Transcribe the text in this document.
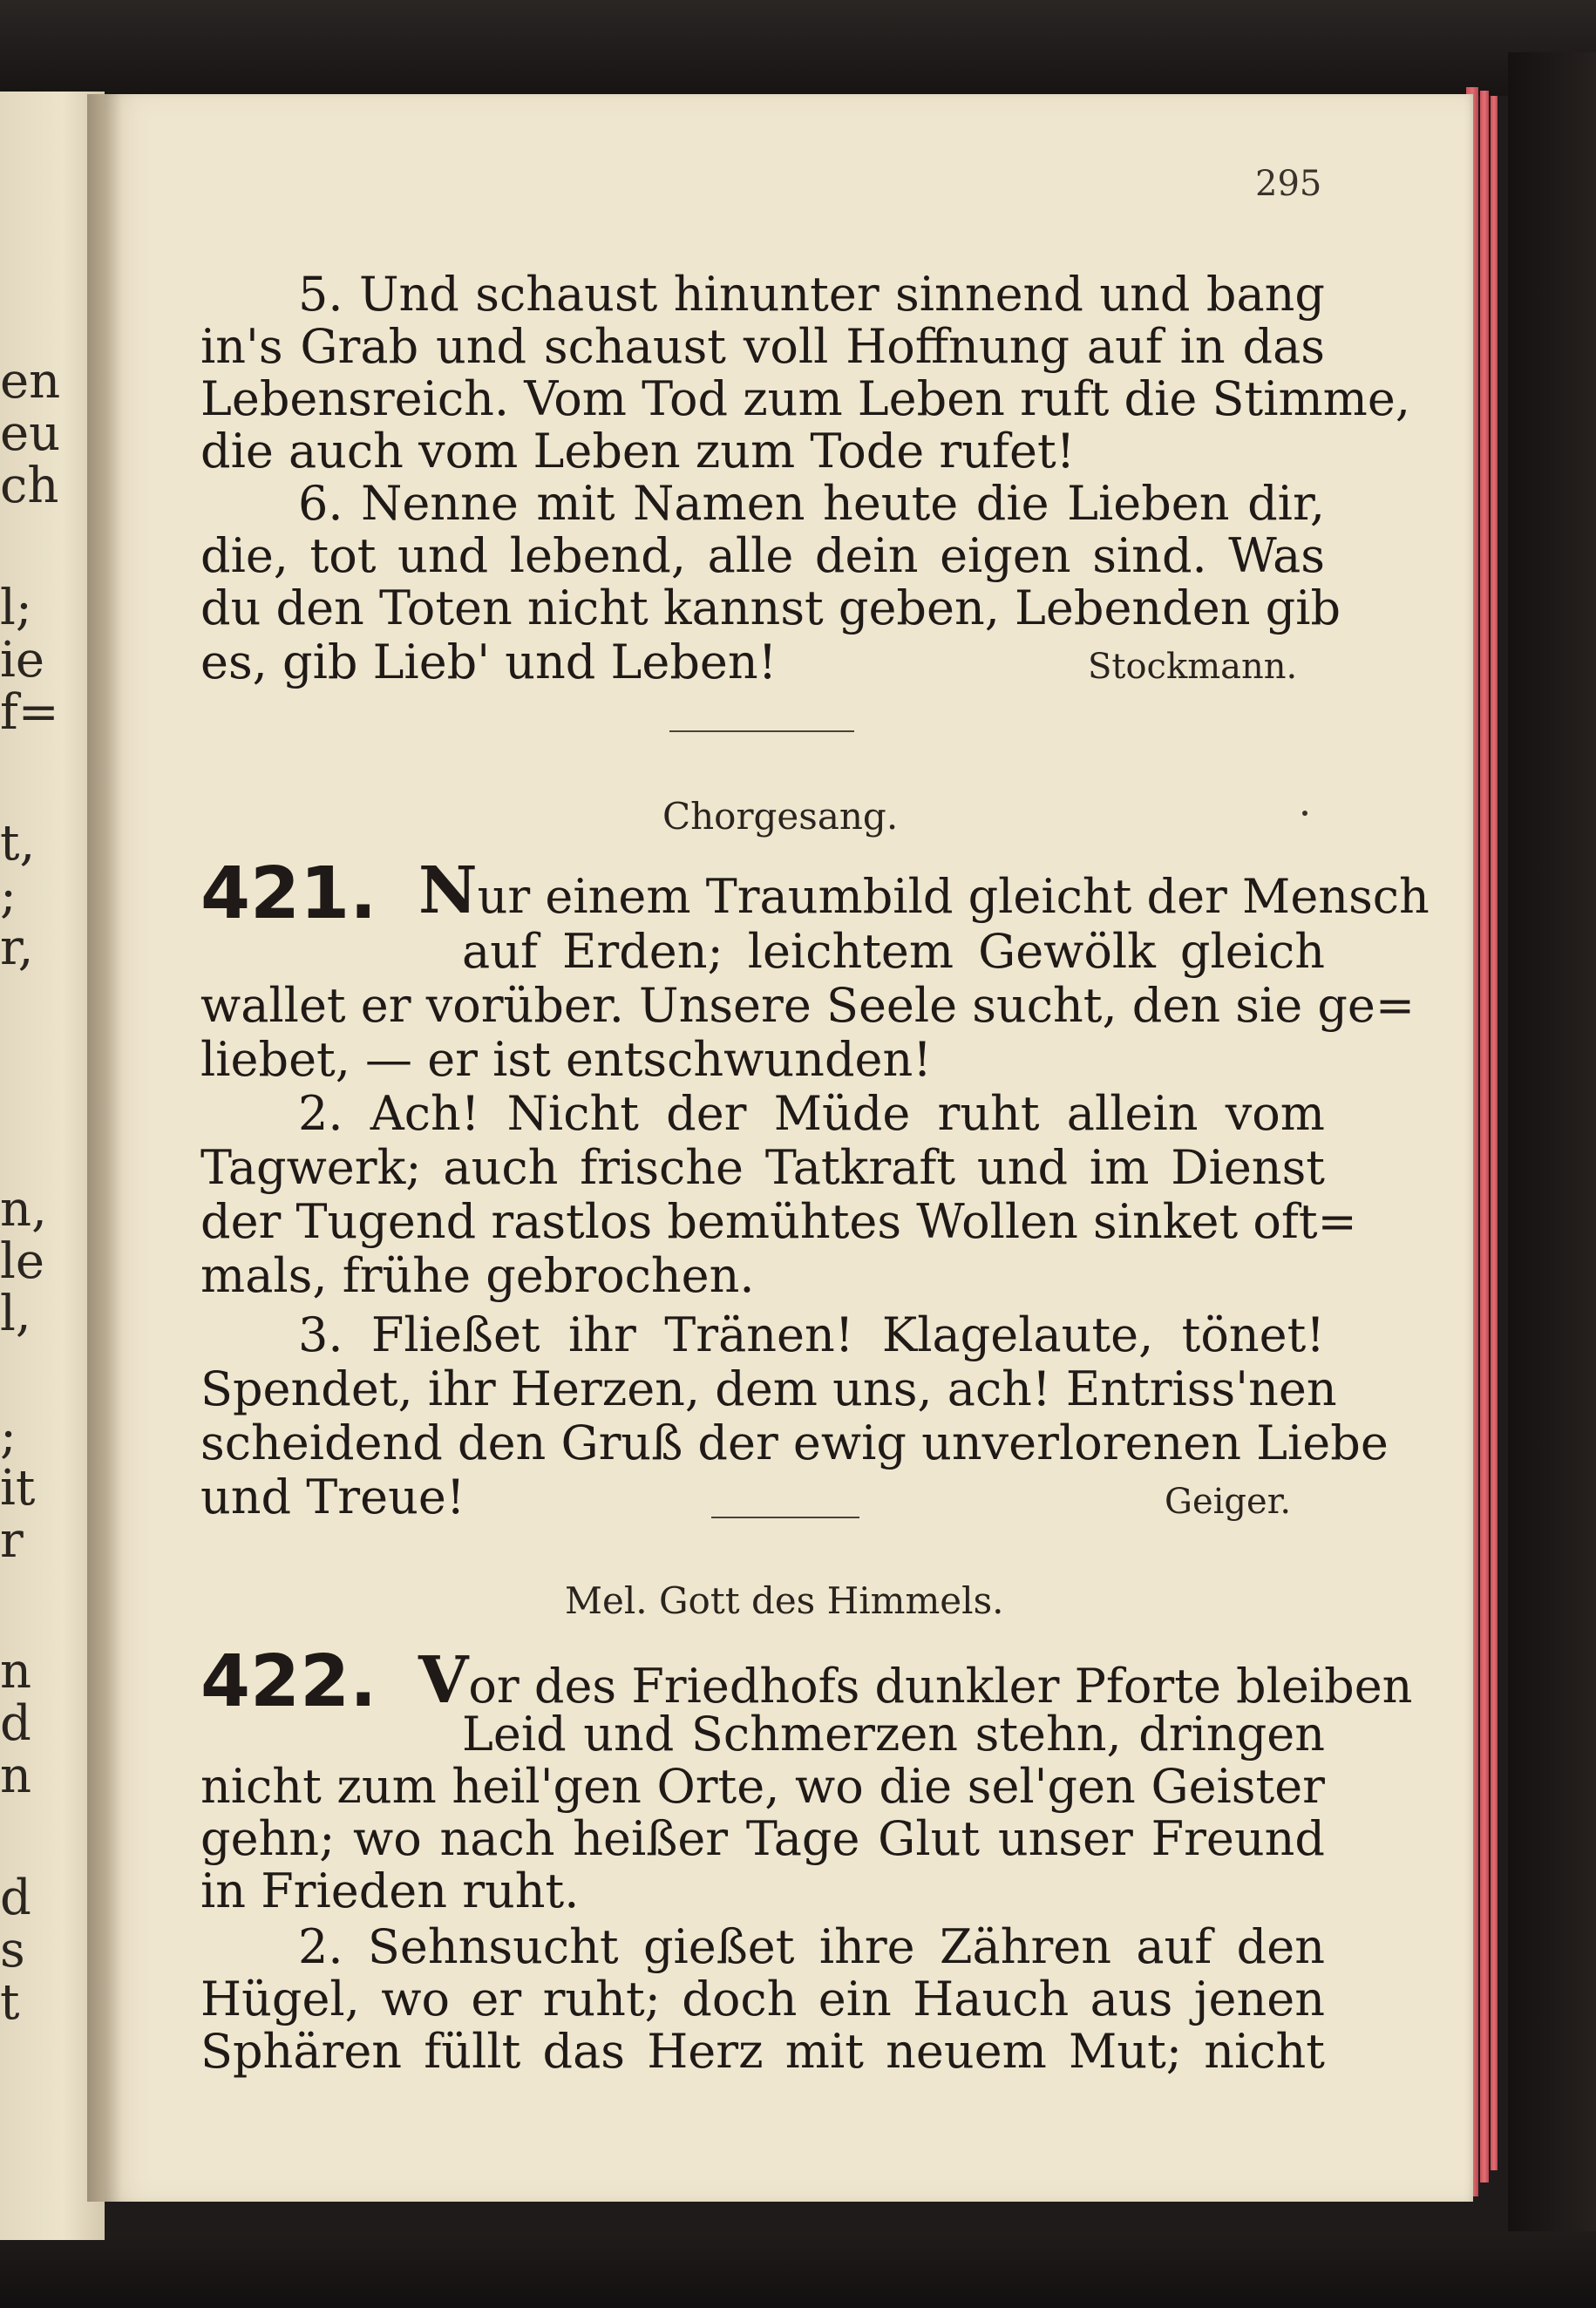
en
eu
ch
l;
ie
f=
t,
;
r,
n,
le
l,
;
it
r
n
d
n
d
s
t
295
5. Und schaust hinunter sinnend und bang
in's Grab und schaust voll Hoffnung auf in das
Lebensreich. Vom Tod zum Leben ruft die Stimme,
die auch vom Leben zum Tode rufet!
6. Nenne mit Namen heute die Lieben dir,
die, tot und lebend, alle dein eigen sind. Was
du den Toten nicht kannst geben, Lebenden gib
es, gib Lieb' und Leben!	Stockmann.
Chorgesang.
421. Nur einem Traumbild gleicht der Mensch
auf Erden; leichtem Gewölk gleich
wallet er vorüber. Unsere Seele sucht, den sie ge=
liebet, — er ist entschwunden!
2. Ach! Nicht der Müde ruht allein vom
Tagwerk; auch frische Tatkraft und im Dienst
der Tugend rastlos bemühtes Wollen sinket oft=
mals, frühe gebrochen.
3. Fließet ihr Tränen! Klagelaute, tönet!
Spendet, ihr Herzen, dem uns, ach! Entriss'nen
scheidend den Gruß der ewig unverlorenen Liebe
und Treue!	Geiger.
Mel. Gott des Himmels.
422. Vor des Friedhofs dunkler Pforte bleiben
Leid und Schmerzen stehn, dringen
nicht zum heil'gen Orte, wo die sel'gen Geister
gehn; wo nach heißer Tage Glut unser Freund
in Frieden ruht.
2. Sehnsucht gießet ihre Zähren auf den
Hügel, wo er ruht; doch ein Hauch aus jenen
Sphären füllt das Herz mit neuem Mut; nicht
